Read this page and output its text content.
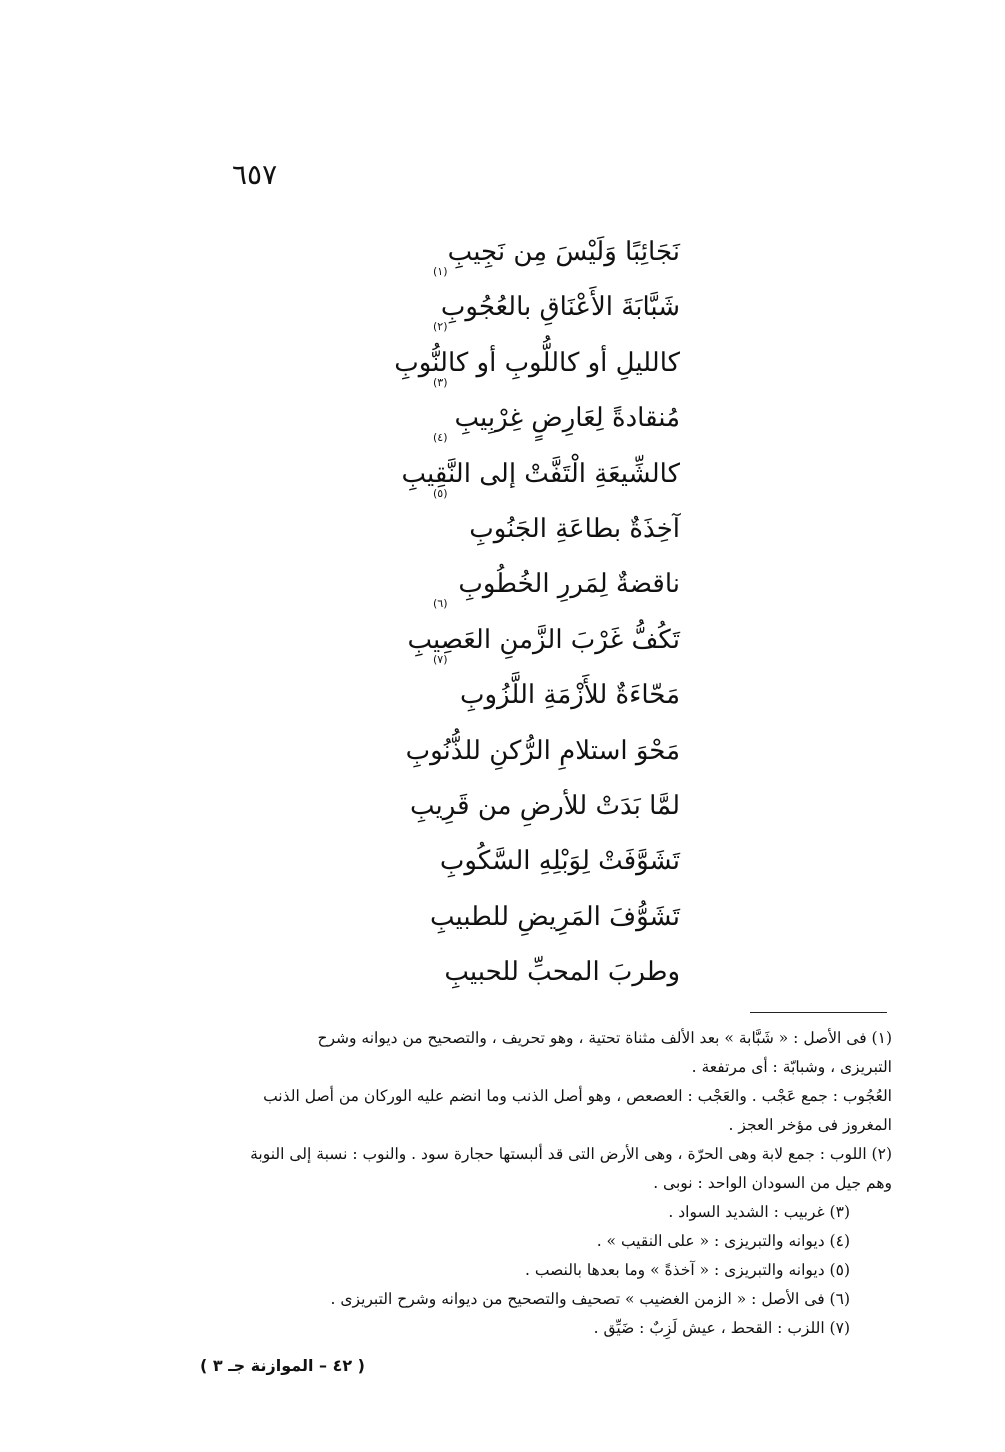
٦٥٧
نَجَائِبًا وَلَيْسَ مِن نَجِيبِ
(١)
شَبَّابَةَ الأَعْنَاقِ بالعُجُوبِ
(٢)
كالليلِ أو كاللُّوبِ أو كالنُّوبِ
(٣)
مُنقادةً لِعَارِضٍ غِرْبِيبِ
(٤)
كالشِّيعَةِ الْتَفَّتْ إلى النَّقِيبِ
(٥)
آخِذَةٌ بطاعَةِ الجَنُوبِ
ناقضةٌ لِمَررِ الخُطُوبِ
(٦)
تَكُفُّ غَرْبَ الزَّمنِ العَصِيبِ
(٧)
مَحّاءَةٌ للأَزْمَةِ اللَّزُوبِ
مَحْوَ استلامِ الرُّكنِ للذُّنُوبِ
لمَّا بَدَتْ للأرضِ من قَرِيبِ
تَشَوَّفَتْ لِوَبْلِهِ السَّكُوبِ
تَشَوُّفَ المَرِيضِ للطبيبِ
وطربَ المحبِّ للحبيبِ
(١) فى الأصل : « شَبَّابة » بعد الألف مثناة تحتية ، وهو تحريف ، والتصحيح من ديوانه وشرح
التبريزى ، وشبابّة : أى مرتفعة .
العُجُوب : جمع عَجْب . والعَجْب : العصعص ، وهو أصل الذنب وما انضم عليه الوركان من أصل الذنب
المغروز فى مؤخر العجز .
(٢) اللوب : جمع لابة وهى الحرّة ، وهى الأرض التى قد ألبستها حجارة سود . والنوب : نسبة إلى النوبة
وهم جيل من السودان الواحد : نوبى .
(٣) غربيب : الشديد السواد .
(٤) ديوانه والتبريزى : « على النقيب » .
(٥) ديوانه والتبريزى : « آخذةً » وما بعدها بالنصب .
(٦) فى الأصل : « الزمن الغضيب » تصحيف والتصحيح من ديوانه وشرح التبريزى .
(٧) اللزب : القحط ، عيش لَزِبٌ : ضَيِّق .
( ٤٢ – الموازنة جـ ٣ )
